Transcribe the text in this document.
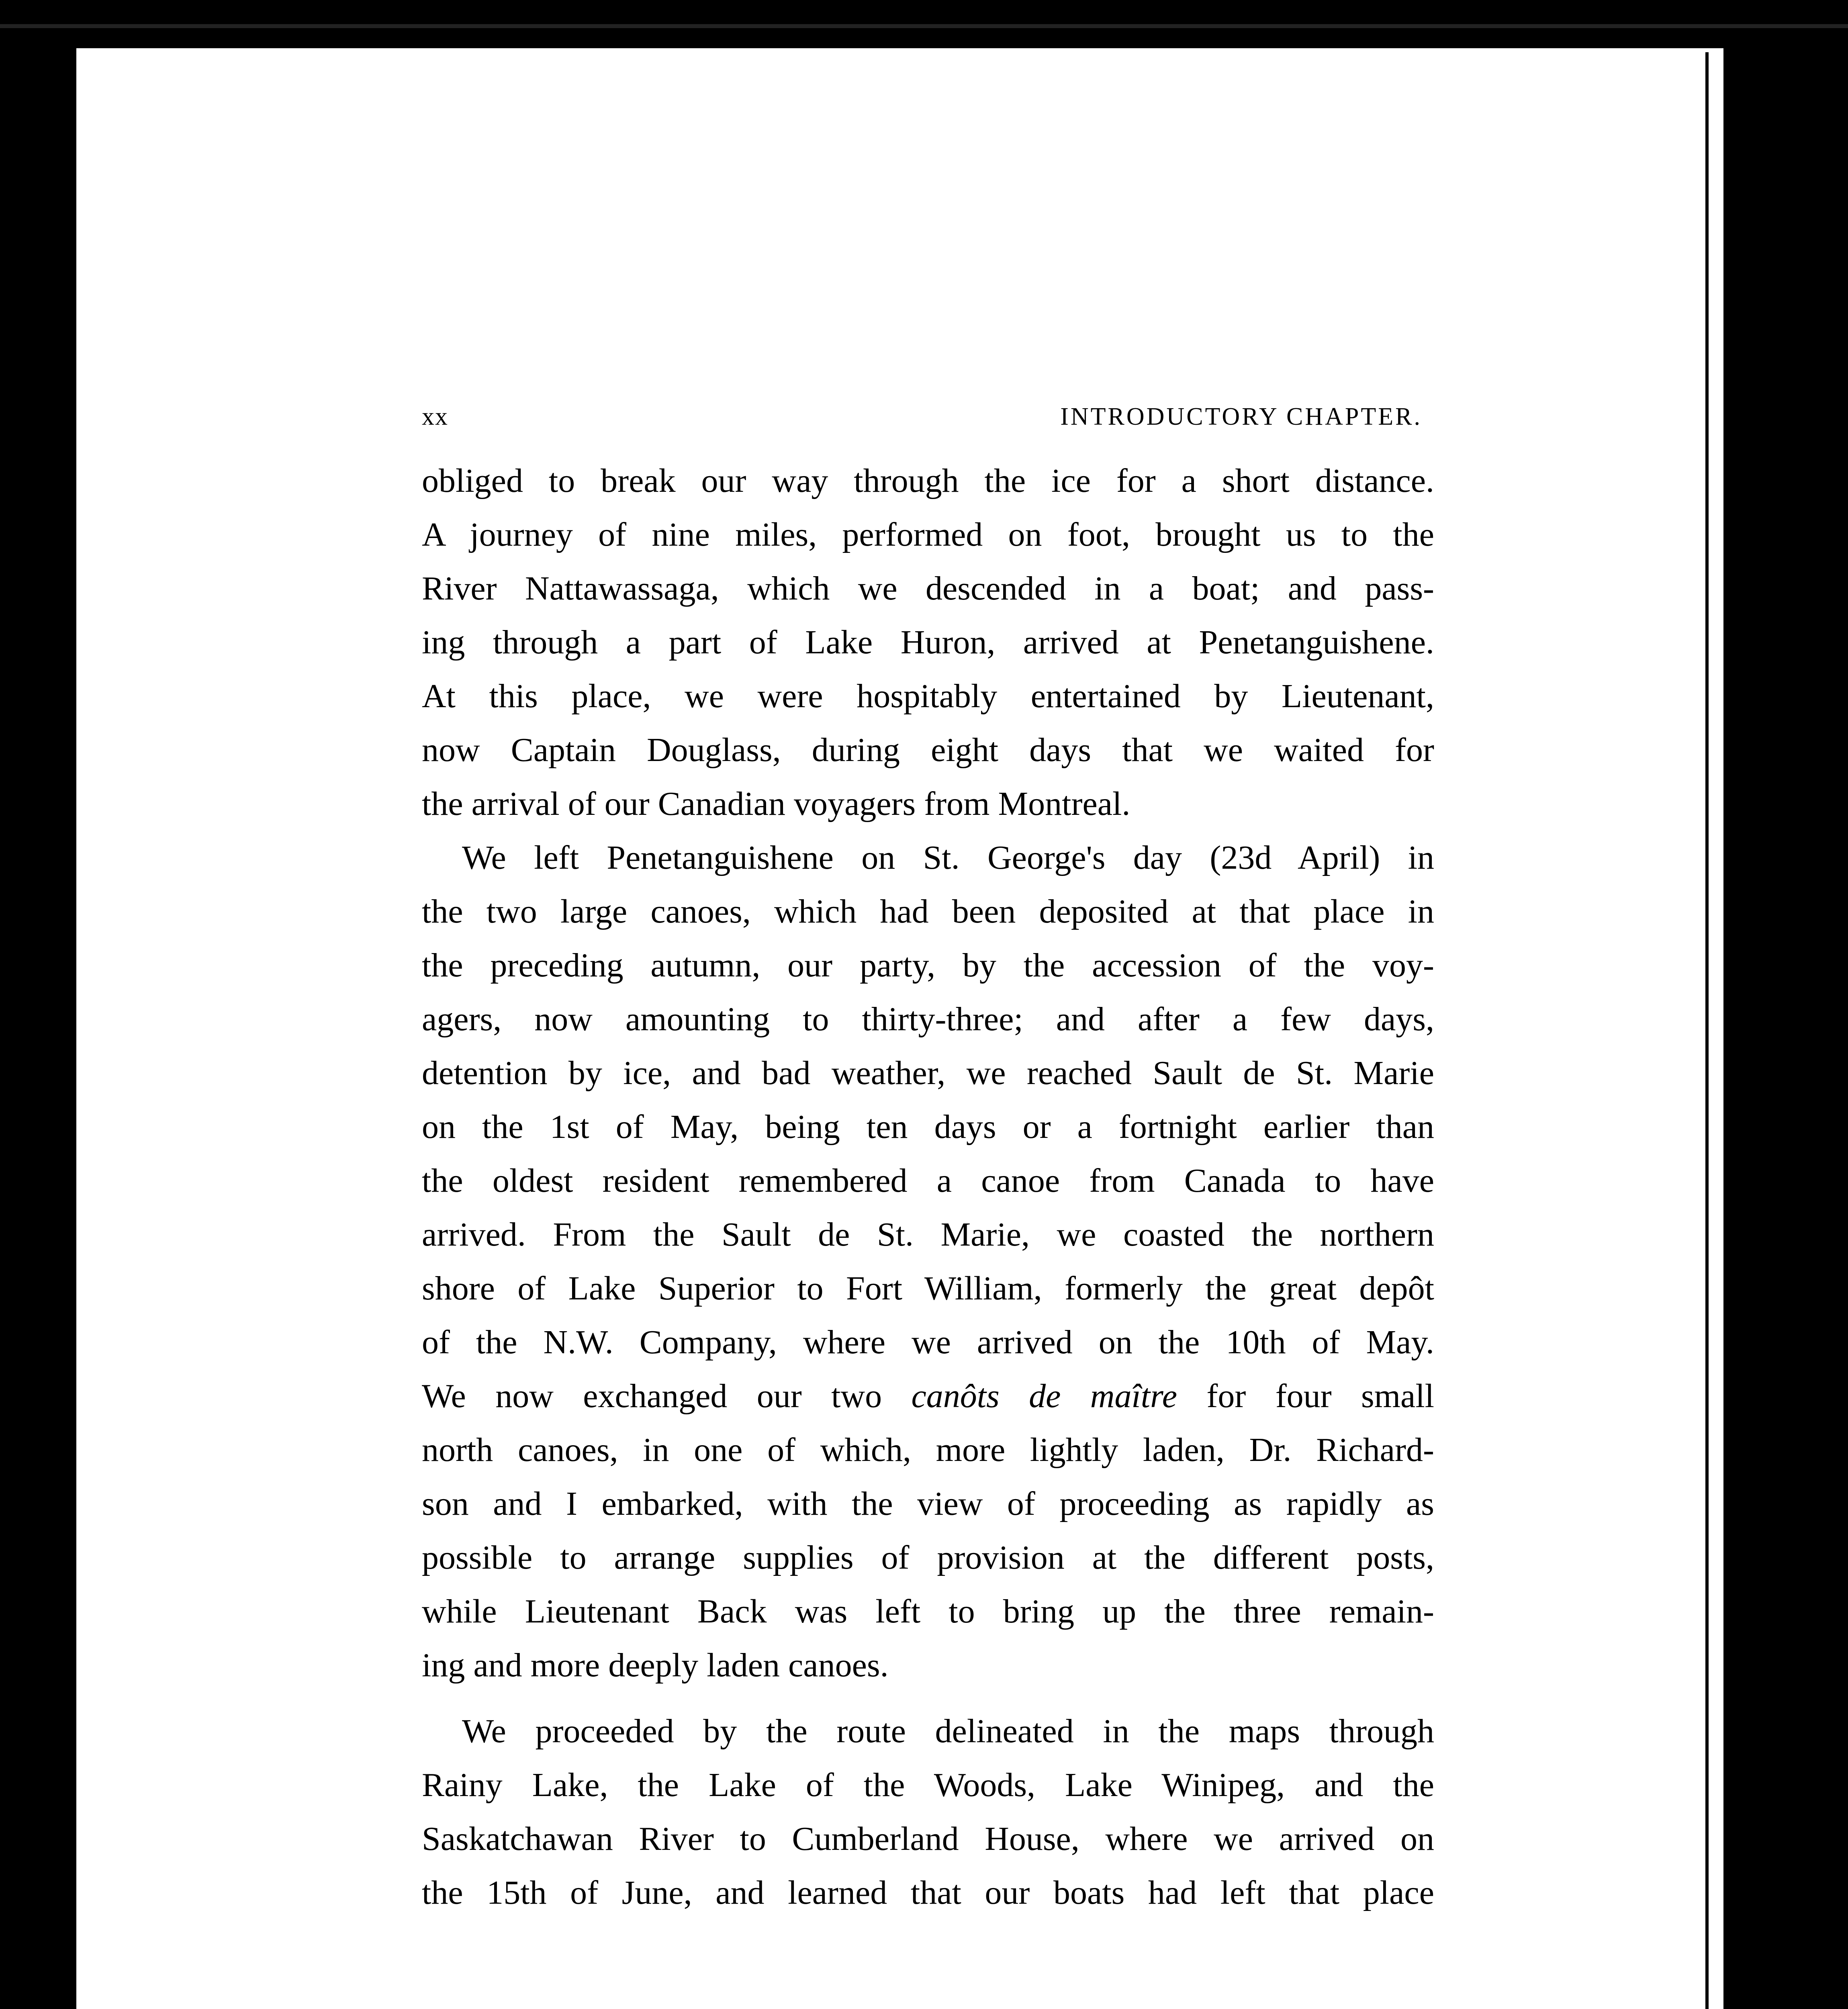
xx	INTRODUCTORY CHAPTER.
obliged to break our way through the ice for a short distance.
A journey of nine miles, performed on foot, brought us to the
River Nattawassaga, which we descended in a boat; and pass-
ing through a part of Lake Huron, arrived at Penetanguishene.
At this place, we were hospitably entertained by Lieutenant,
now Captain Douglass, during eight days that we waited for
the arrival of our Canadian voyagers from Montreal.
We left Penetanguishene on St. George's day (23d April) in
the two large canoes, which had been deposited at that place in
the preceding autumn, our party, by the accession of the voy-
agers, now amounting to thirty-three; and after a few days,
detention by ice, and bad weather, we reached Sault de St. Marie
on the 1st of May, being ten days or a fortnight earlier than
the oldest resident remembered a canoe from Canada to have
arrived. From the Sault de St. Marie, we coasted the northern
shore of Lake Superior to Fort William, formerly the great depôt
of the N.W. Company, where we arrived on the 10th of May.
We now exchanged our two canôts de maître for four small
north canoes, in one of which, more lightly laden, Dr. Richard-
son and I embarked, with the view of proceeding as rapidly as
possible to arrange supplies of provision at the different posts,
while Lieutenant Back was left to bring up the three remain-
ing and more deeply laden canoes.
We proceeded by the route delineated in the maps through
Rainy Lake, the Lake of the Woods, Lake Winipeg, and the
Saskatchawan River to Cumberland House, where we arrived on
the 15th of June, and learned that our boats had left that place
